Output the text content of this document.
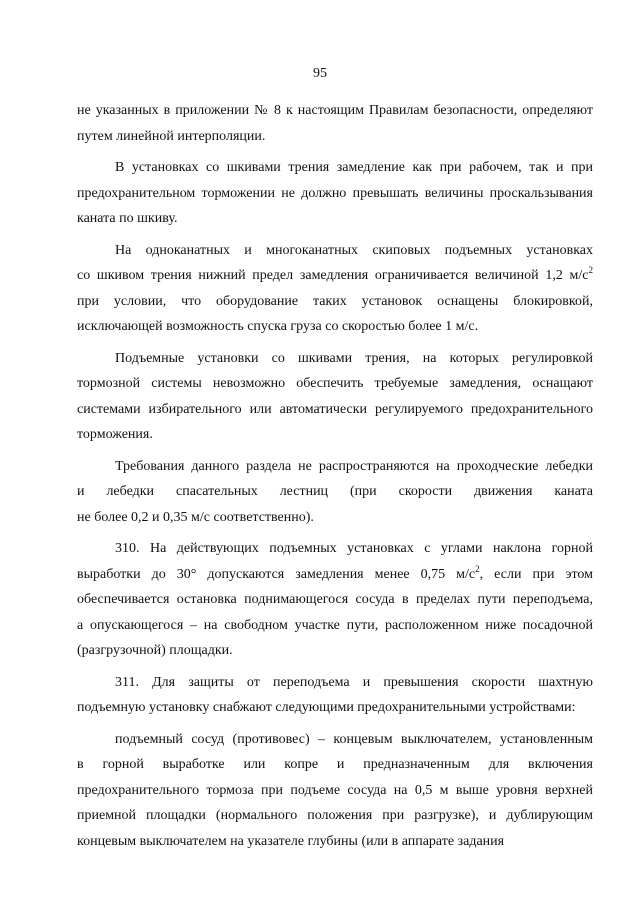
95
не указанных в приложении № 8 к настоящим Правилам безопасности, определяют
путем линейной интерполяции.
В установках со шкивами трения замедление как при рабочем, так и при
предохранительном торможении не должно превышать величины проскальзывания
каната по шкиву.
На одноканатных и многоканатных скиповых подъемных установках
со шкивом трения нижний предел замедления ограничивается величиной 1,2 $м/с^2$
при условии, что оборудование таких установок оснащены блокировкой,
исключающей возможность спуска груза со скоростью более 1 м/с.
Подъемные установки со шкивами трения, на которых регулировкой
тормозной системы невозможно обеспечить требуемые замедления, оснащают
системами избирательного или автоматически регулируемого предохранительного
торможения.
Требования данного раздела не распространяются на проходческие лебедки
и лебедки спасательных лестниц (при скорости движения каната
не более 0,2 и 0,35 м/с соответственно).
310. На действующих подъемных установках с углами наклона горной
выработки до 30° допускаются замедления менее 0,75 $м/с^2$, если при этом
обеспечивается остановка поднимающегося сосуда в пределах пути переподъема,
а опускающегося – на свободном участке пути, расположенном ниже посадочной
(разгрузочной) площадки.
311. Для защиты от переподъема и превышения скорости шахтную
подъемную установку снабжают следующими предохранительными устройствами:
подъемный сосуд (противовес) – концевым выключателем, установленным
в горной выработке или копре и предназначенным для включения
предохранительного тормоза при подъеме сосуда на 0,5 м выше уровня верхней
приемной площадки (нормального положения при разгрузке), и дублирующим
концевым выключателем на указателе глубины (или в аппарате задания
